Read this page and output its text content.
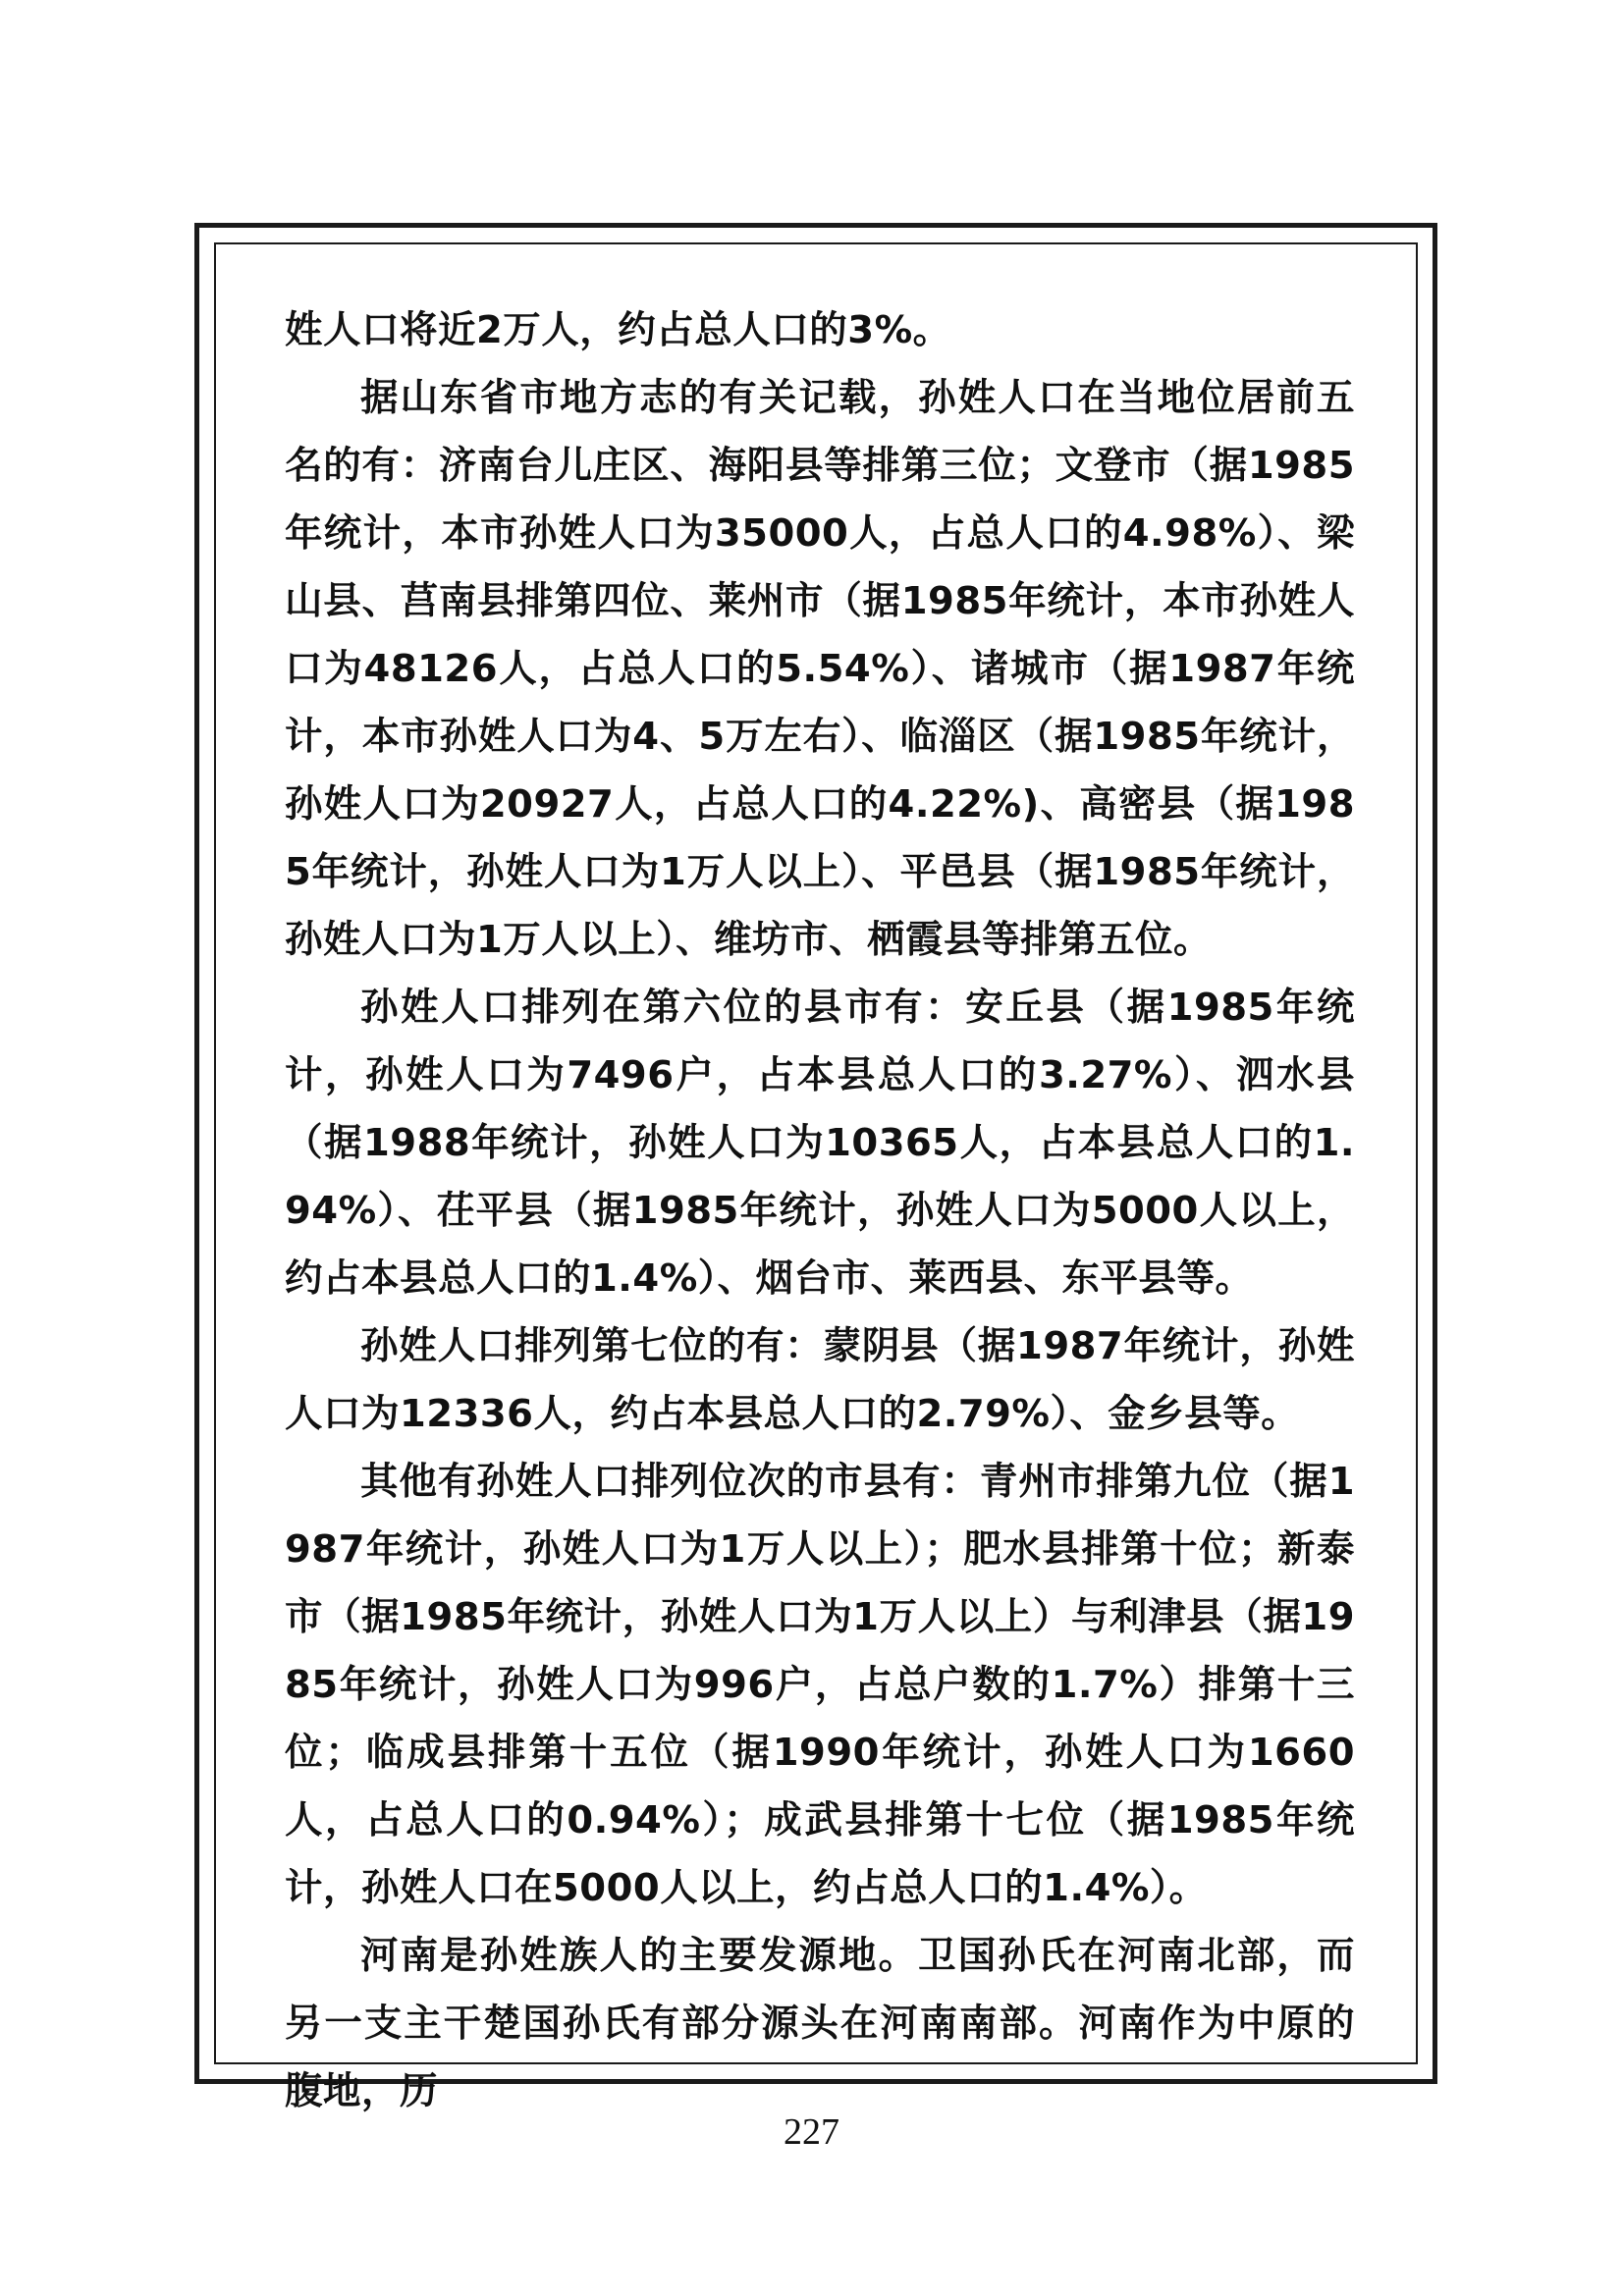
姓人口将近2万人，约占总人口的3%。

据山东省市地方志的有关记载，孙姓人口在当地位居前五名的有：济南台儿庄区、海阳县等排第三位；文登市（据1985年统计，本市孙姓人口为35000人，占总人口的4.98%）、梁山县、莒南县排第四位、莱州市（据1985年统计，本市孙姓人口为48126人，占总人口的5.54%）、诸城市（据1987年统计，本市孙姓人口为4、5万左右）、临淄区（据1985年统计，孙姓人口为20927人，占总人口的4.22%)、高密县（据1985年统计，孙姓人口为1万人以上）、平邑县（据1985年统计，孙姓人口为1万人以上）、维坊市、栖霞县等排第五位。

孙姓人口排列在第六位的县市有：安丘县（据1985年统计，孙姓人口为7496户，占本县总人口的3.27%）、泗水县（据1988年统计，孙姓人口为10365人，占本县总人口的1.94%）、茌平县（据1985年统计，孙姓人口为5000人以上，约占本县总人口的1.4%）、烟台市、莱西县、东平县等。

孙姓人口排列第七位的有：蒙阴县（据1987年统计，孙姓人口为12336人，约占本县总人口的2.79%）、金乡县等。

其他有孙姓人口排列位次的市县有：青州市排第九位（据1987年统计，孙姓人口为1万人以上）；肥水县排第十位；新泰市（据1985年统计，孙姓人口为1万人以上）与利津县（据1985年统计，孙姓人口为996户，占总户数的1.7%）排第十三位；临成县排第十五位（据1990年统计，孙姓人口为1660人，占总人口的0.94%）；成武县排第十七位（据1985年统计，孙姓人口在5000人以上，约占总人口的1.4%）。

河南是孙姓族人的主要发源地。卫国孙氏在河南北部，而另一支主干楚国孙氏有部分源头在河南南部。河南作为中原的腹地，历

227
